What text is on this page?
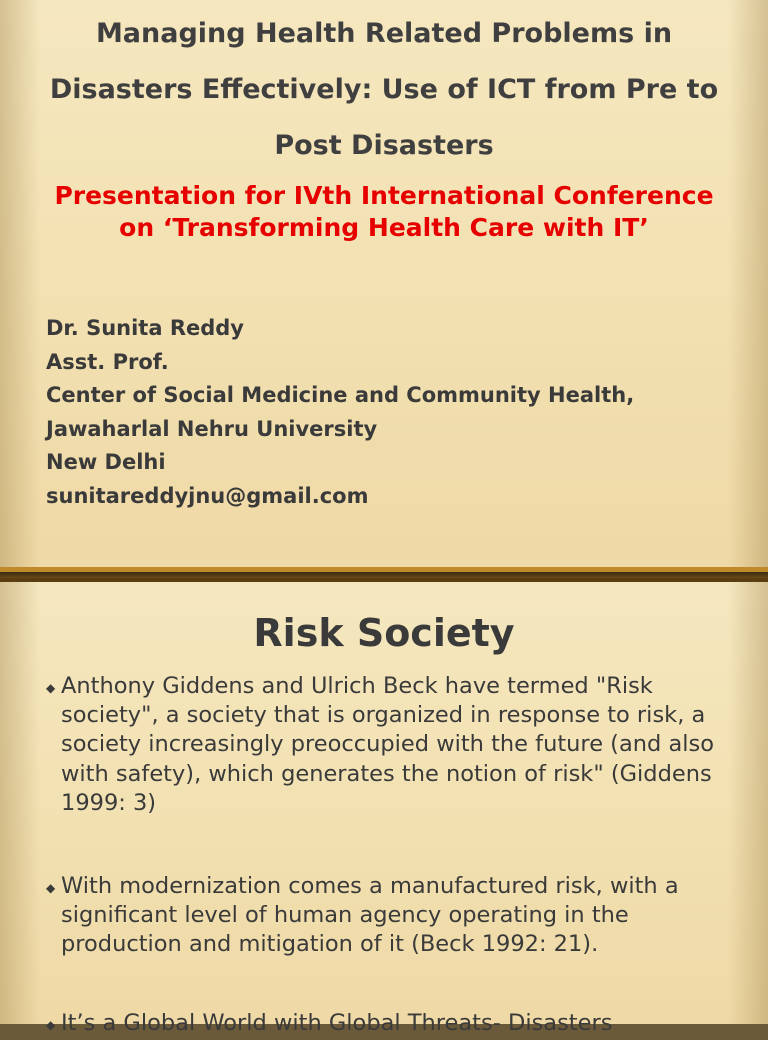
Managing Health Related Problems in Disasters Effectively: Use of ICT from Pre to Post Disasters

Presentation for IVth International Conference on ‘Transforming Health Care with IT’

Dr. Sunita Reddy
Asst. Prof.
Center of Social Medicine and Community Health,
Jawaharlal Nehru University
New Delhi
sunitareddyjnu@gmail.com
Risk Society
◆ Anthony Giddens and Ulrich Beck have termed "Risk society", a society that is organized in response to risk, a society increasingly preoccupied with the future (and also with safety), which generates the notion of risk" (Giddens 1999: 3)
◆ With modernization comes a manufactured risk, with a significant level of human agency operating in the production and mitigation of it (Beck 1992: 21).
◆ It’s a Global World with Global Threats- Disasters
